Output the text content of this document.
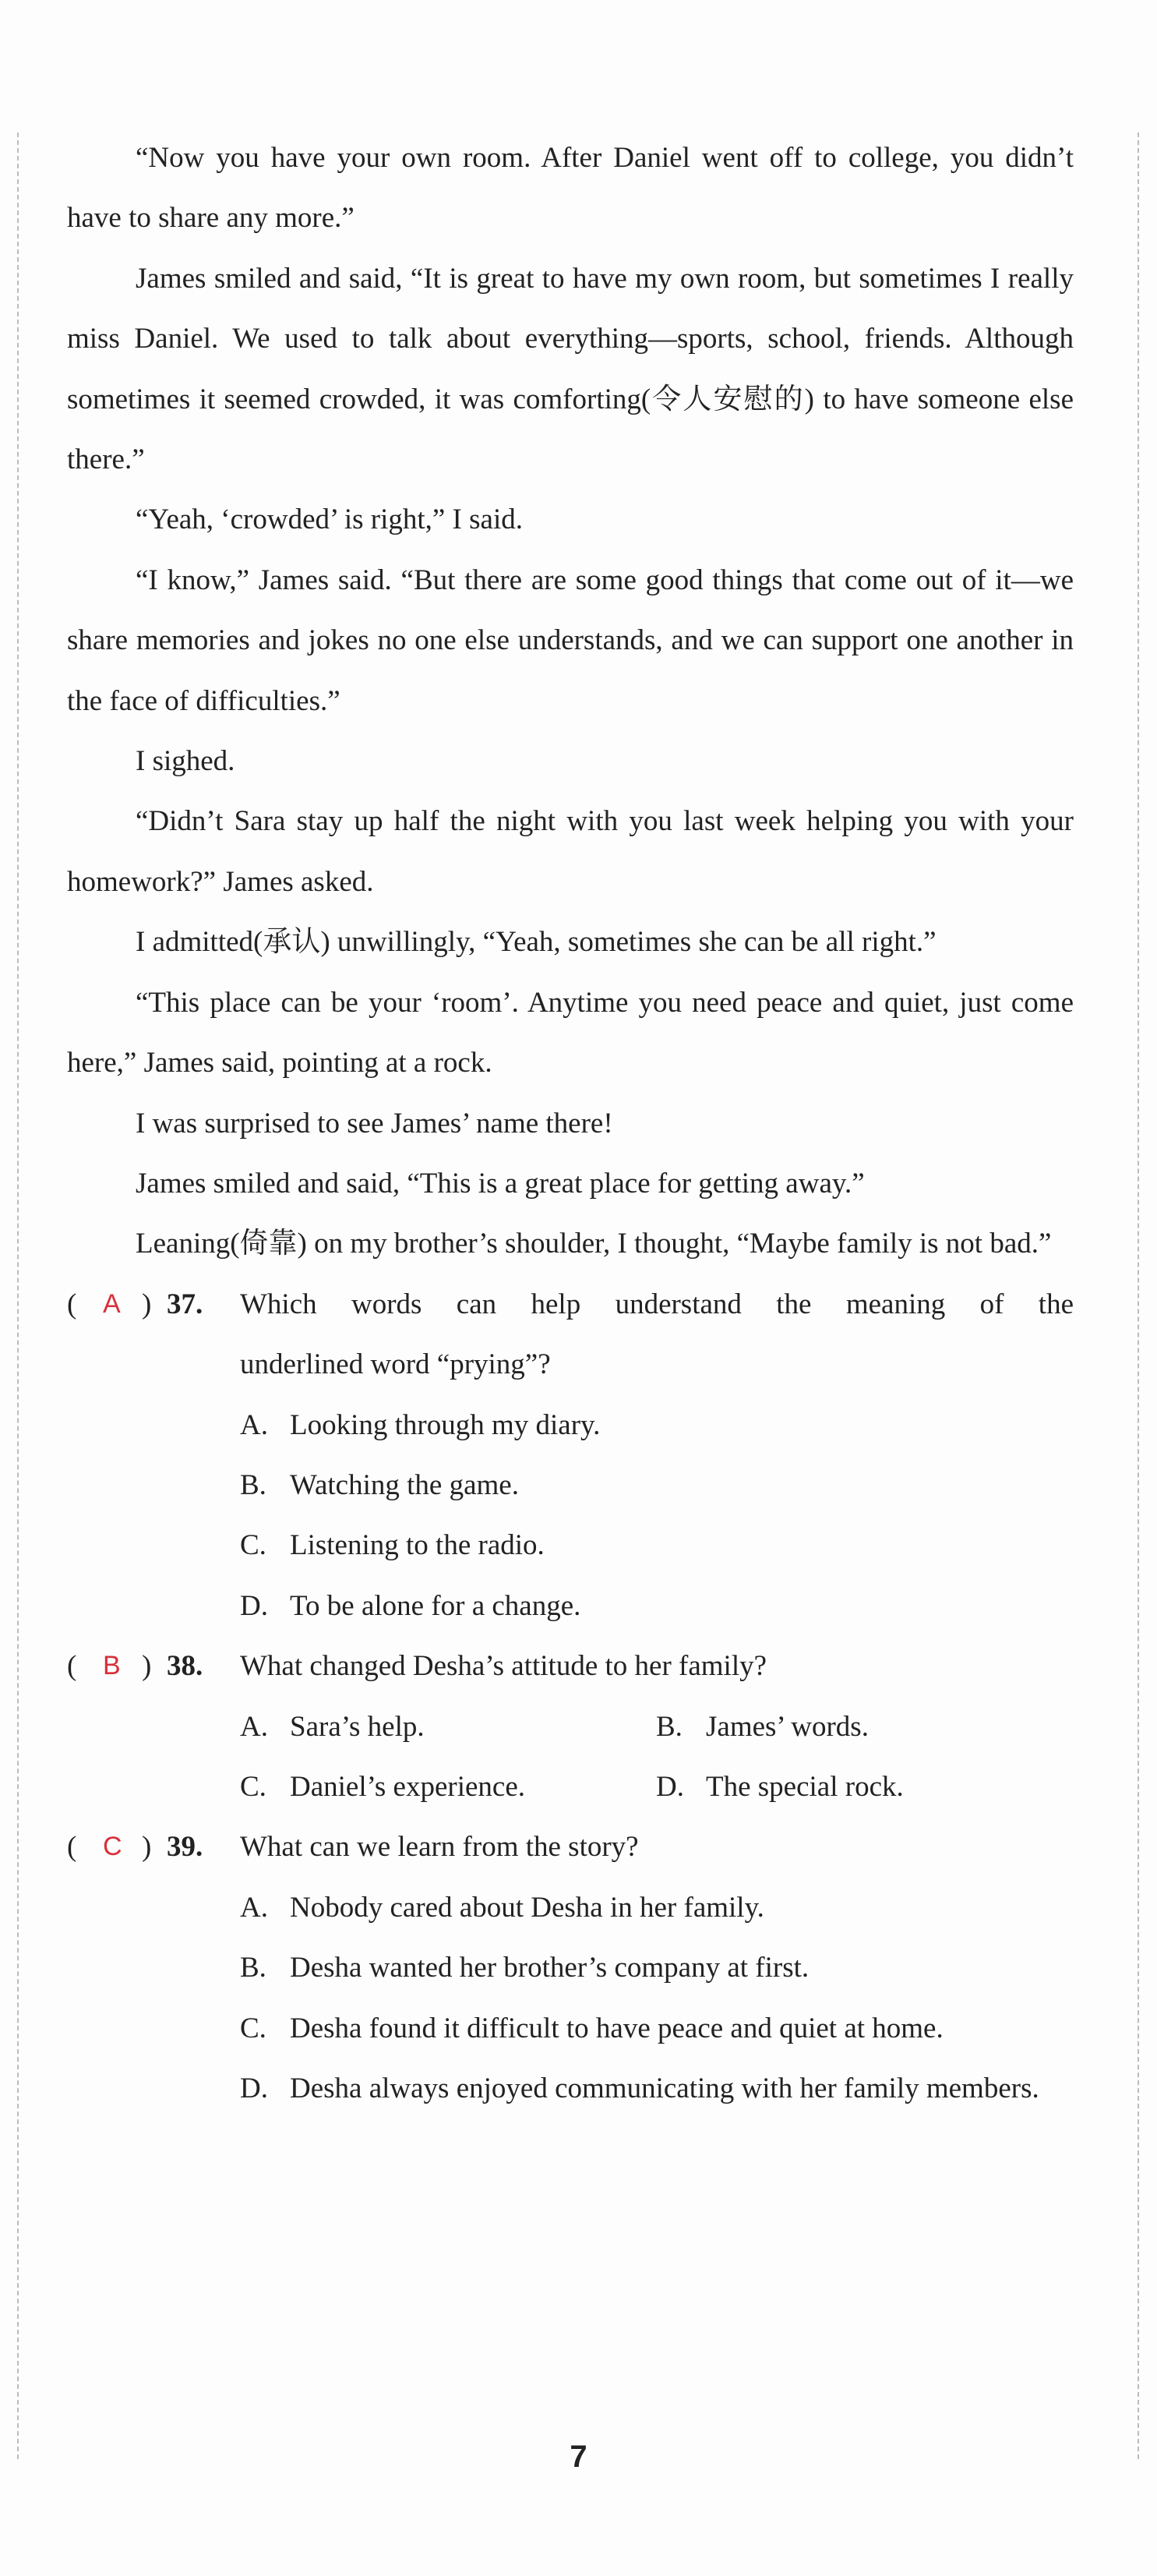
“Now you have your own room. After Daniel went off to college, you didn’t have to share any more.”

James smiled and said, “It is great to have my own room, but sometimes I really miss Daniel. We used to talk about everything—sports, school, friends. Although sometimes it seemed crowded, it was comforting(令人安慰的) to have someone else there.”

“Yeah, ‘crowded’ is right,” I said.

“I know,” James said. “But there are some good things that come out of it—we share memories and jokes no one else understands, and we can support one another in the face of difficulties.”

I sighed.

“Didn’t Sara stay up half the night with you last week helping you with your homework?” James asked.

I admitted(承认) unwillingly, “Yeah, sometimes she can be all right.”

“This place can be your ‘room’. Anytime you need peace and quiet, just come here,” James said, pointing at a rock.

I was surprised to see James’ name there!

James smiled and said, “This is a great place for getting away.”

Leaning(倚靠) on my brother’s shoulder, I thought, “Maybe family is not bad.”

( A ) 37. Which words can help understand the meaning of the
underlined word “prying”?
A. Looking through my diary.
B. Watching the game.
C. Listening to the radio.
D. To be alone for a change.
( B ) 38. What changed Desha’s attitude to her family?
A. Sara’s help.	B. James’ words.
C. Daniel’s experience.	D. The special rock.
( C ) 39. What can we learn from the story?
A. Nobody cared about Desha in her family.
B. Desha wanted her brother’s company at first.
C. Desha found it difficult to have peace and quiet at home.
D. Desha always enjoyed communicating with her family members.
7
